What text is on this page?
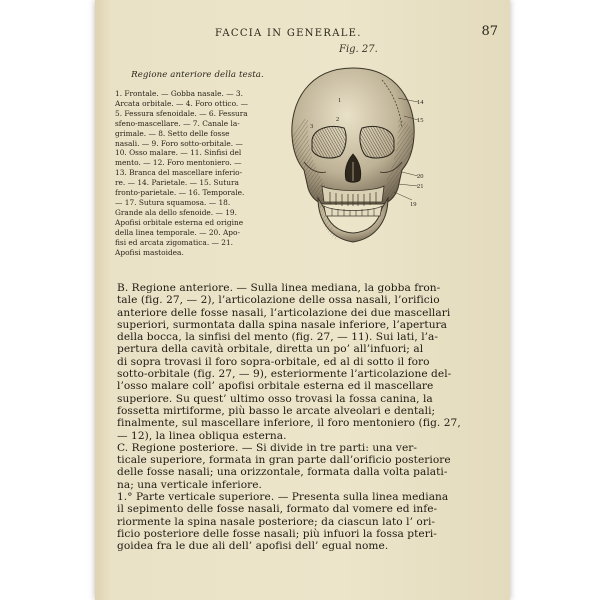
FACCIA IN GENERALE.	87
Fig. 27.
Regione anteriore della testa.
1. Frontale. — Gobba nasale. — 3.
Arcata orbitale. — 4. Foro ottico. —
5. Fessura sfenoidale. — 6. Fessura
sfeno-mascellare. — 7. Canale la-
grimale. — 8. Setto delle fosse
nasali. — 9. Foro sotto-orbitale. —
10. Osso malare. — 11. Sinfisi del
mento. — 12. Foro mentoniero. —
13. Branca del mascellare inferio-
re. — 14. Parietale. — 15. Sutura
fronto-parietale. — 16. Temporale.
— 17. Sutura squamosa. — 18.
Grande ala dello sfenoide. — 19.
Apofisi orbitale esterna ed origine
della linea temporale. — 20. Apo-
fisi ed arcata zigomatica. — 21.
Apofisi mastoidea.
1	14
15
20
21
19
2
3
B. Regione anteriore. — Sulla linea mediana, la gobba fron-
tale (fig. 27, — 2), l’articolazione delle ossa nasali, l’orificio
anteriore delle fosse nasali, l’articolazione dei due mascellari
superiori, surmontata dalla spina nasale inferiore, l’apertura
della bocca, la sinfisi del mento (fig. 27, — 11). Sui lati, l’a-
pertura della cavità orbitale, diretta un po’ all’infuori; al
di sopra trovasi il foro sopra-orbitale, ed al di sotto il foro
sotto-orbitale (fig. 27, — 9), esteriormente l’articolazione del-
l’osso malare coll’ apofisi orbitale esterna ed il mascellare
superiore. Su quest’ ultimo osso trovasi la fossa canina, la
fossetta mirtiforme, più basso le arcate alveolari e dentali;
finalmente, sul mascellare inferiore, il foro mentoniero (fig. 27,
— 12), la linea obliqua esterna.
C. Regione posteriore. — Si divide in tre parti: una ver-
ticale superiore, formata in gran parte dall’orificio posteriore
delle fosse nasali; una orizzontale, formata dalla volta palati-
na; una verticale inferiore.
1.° Parte verticale superiore. — Presenta sulla linea mediana
il sepimento delle fosse nasali, formato dal vomere ed infe-
riormente la spina nasale posteriore; da ciascun lato l’ ori-
ficio posteriore delle fosse nasali; più infuori la fossa pteri-
goidea fra le due ali dell’ apofisi dell’ egual nome.
